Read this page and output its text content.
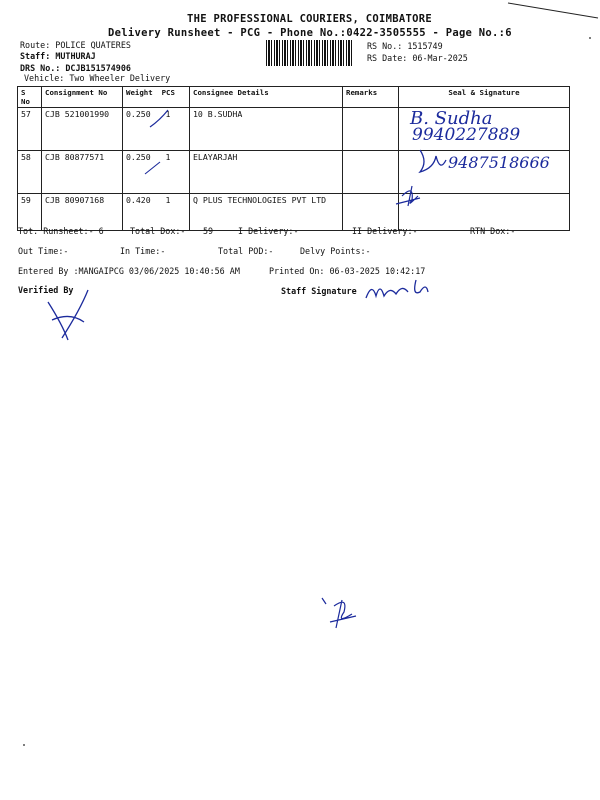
THE PROFESSIONAL COURIERS, COIMBATORE
Delivery Runsheet - PCG - Phone No.:0422-3505555 - Page No.:6
Route: POLICE QUATERES
Staff: MUTHURAJ
DRS No.: DCJB151574906
Vehicle: Two Wheeler Delivery
RS No.: 1515749
RS Date: 06-Mar-2025
S No	Consignment No	Weight  PCS	Consignee Details	Remarks	Seal & Signature
57	CJB 521001990	0.250 1	10 B.SUDHA		
58	CJB 80877571	0.250 1	ELAYARJAH		
59	CJB 80907168	0.420 1	Q PLUS TECHNOLOGIES PVT LTD		
Tot. Runsheet:- 6	Total Dox:- 59	I Delivery:-	II Delivery:-	RTN Dox:-
Out Time:-	In Time:-	Total POD:-	Delvy Points:-
Entered By :MANGAIPCG 03/06/2025 10:40:56 AM	Printed On: 06-03-2025 10:42:17
Verified By	Staff Signature
B. Sudha
9940227889
9487518666
